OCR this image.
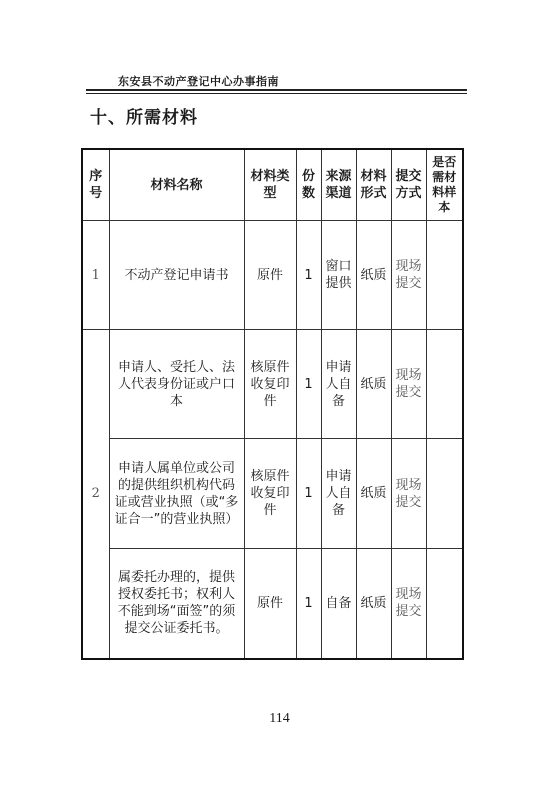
东安县不动产登记中心办事指南
十、所需材料
序号	材料名称	材料类型	份数	来源渠道	材料形式	提交方式	是否需材料样本
1	不动产登记申请书	原件	1	窗口提供	纸质	现场提交	
2	申请人、受托人、法人代表身份证或户口本	核原件收复印件	1	申请人自备	纸质	现场提交	
	申请人属单位或公司的提供组织机构代码证或营业执照（或“多证合一”的营业执照）	核原件收复印件	1	申请人自备	纸质	现场提交	
	属委托办理的，提供授权委托书；权利人不能到场“面签”的须提交公证委托书。	原件	1	自备	纸质	现场提交	
114
